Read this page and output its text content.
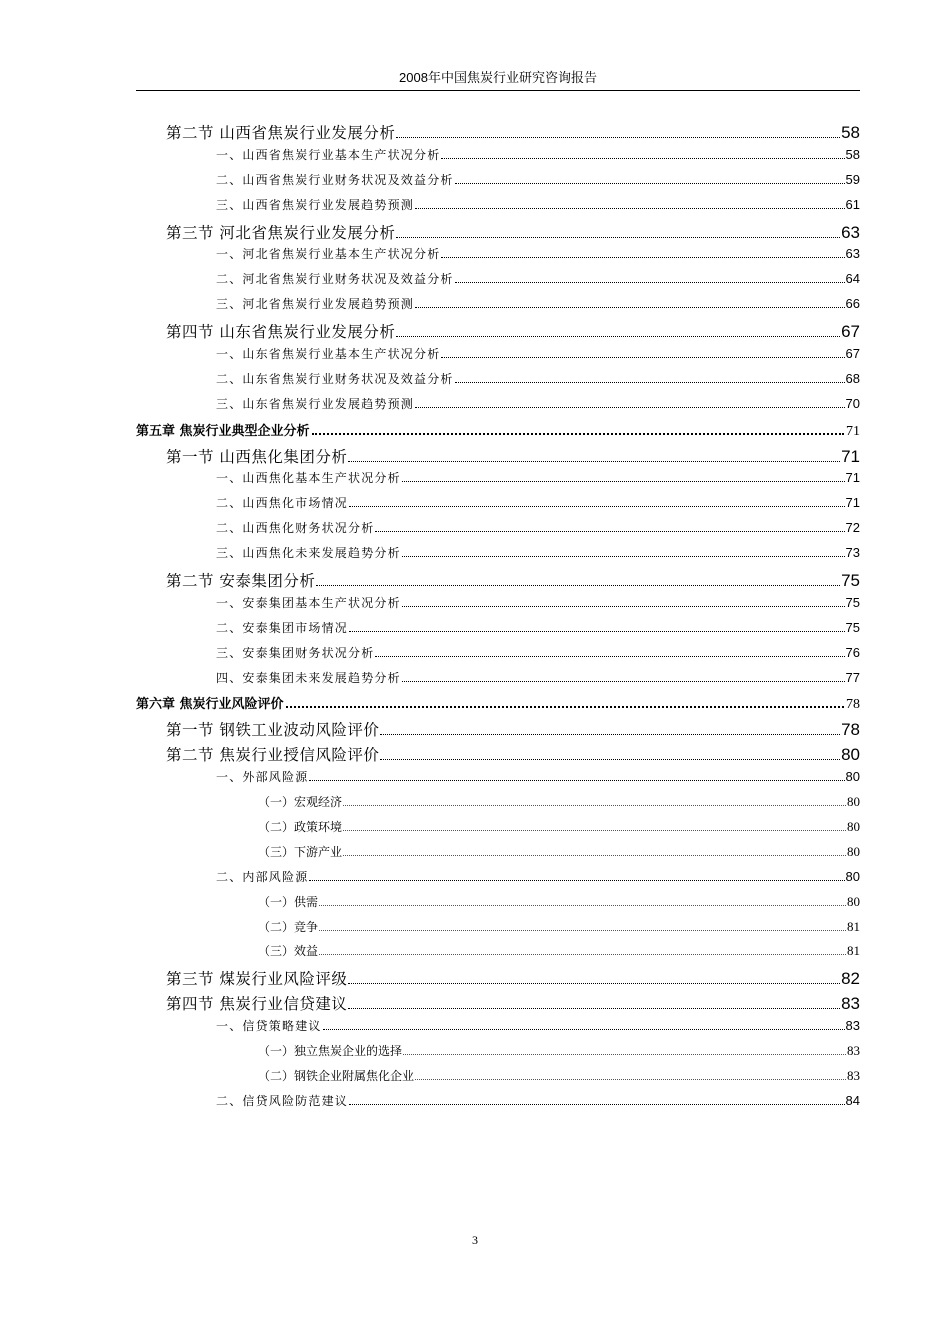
2008年中国焦炭行业研究咨询报告
第二节 山西省焦炭行业发展分析	58
一、山西省焦炭行业基本生产状况分析	58
二、山西省焦炭行业财务状况及效益分析	59
三、山西省焦炭行业发展趋势预测	61
第三节 河北省焦炭行业发展分析	63
一、河北省焦炭行业基本生产状况分析	63
二、河北省焦炭行业财务状况及效益分析	64
三、河北省焦炭行业发展趋势预测	66
第四节 山东省焦炭行业发展分析	67
一、山东省焦炭行业基本生产状况分析	67
二、山东省焦炭行业财务状况及效益分析	68
三、山东省焦炭行业发展趋势预测	70
第五章 焦炭行业典型企业分析	71
第一节 山西焦化集团分析	71
一、山西焦化基本生产状况分析	71
二、山西焦化市场情况	71
二、山西焦化财务状况分析	72
三、山西焦化未来发展趋势分析	73
第二节 安泰集团分析	75
一、安泰集团基本生产状况分析	75
二、安泰集团市场情况	75
三、安泰集团财务状况分析	76
四、安泰集团未来发展趋势分析	77
第六章 焦炭行业风险评价	78
第一节 钢铁工业波动风险评价	78
第二节 焦炭行业授信风险评价	80
一、外部风险源	80
（一）宏观经济	80
（二）政策环境	80
（三）下游产业	80
二、内部风险源	80
（一）供需	80
（二）竞争	81
（三）效益	81
第三节 煤炭行业风险评级	82
第四节 焦炭行业信贷建议	83
一、信贷策略建议	83
（一）独立焦炭企业的选择	83
（二）钢铁企业附属焦化企业	83
二、信贷风险防范建议	84
3
